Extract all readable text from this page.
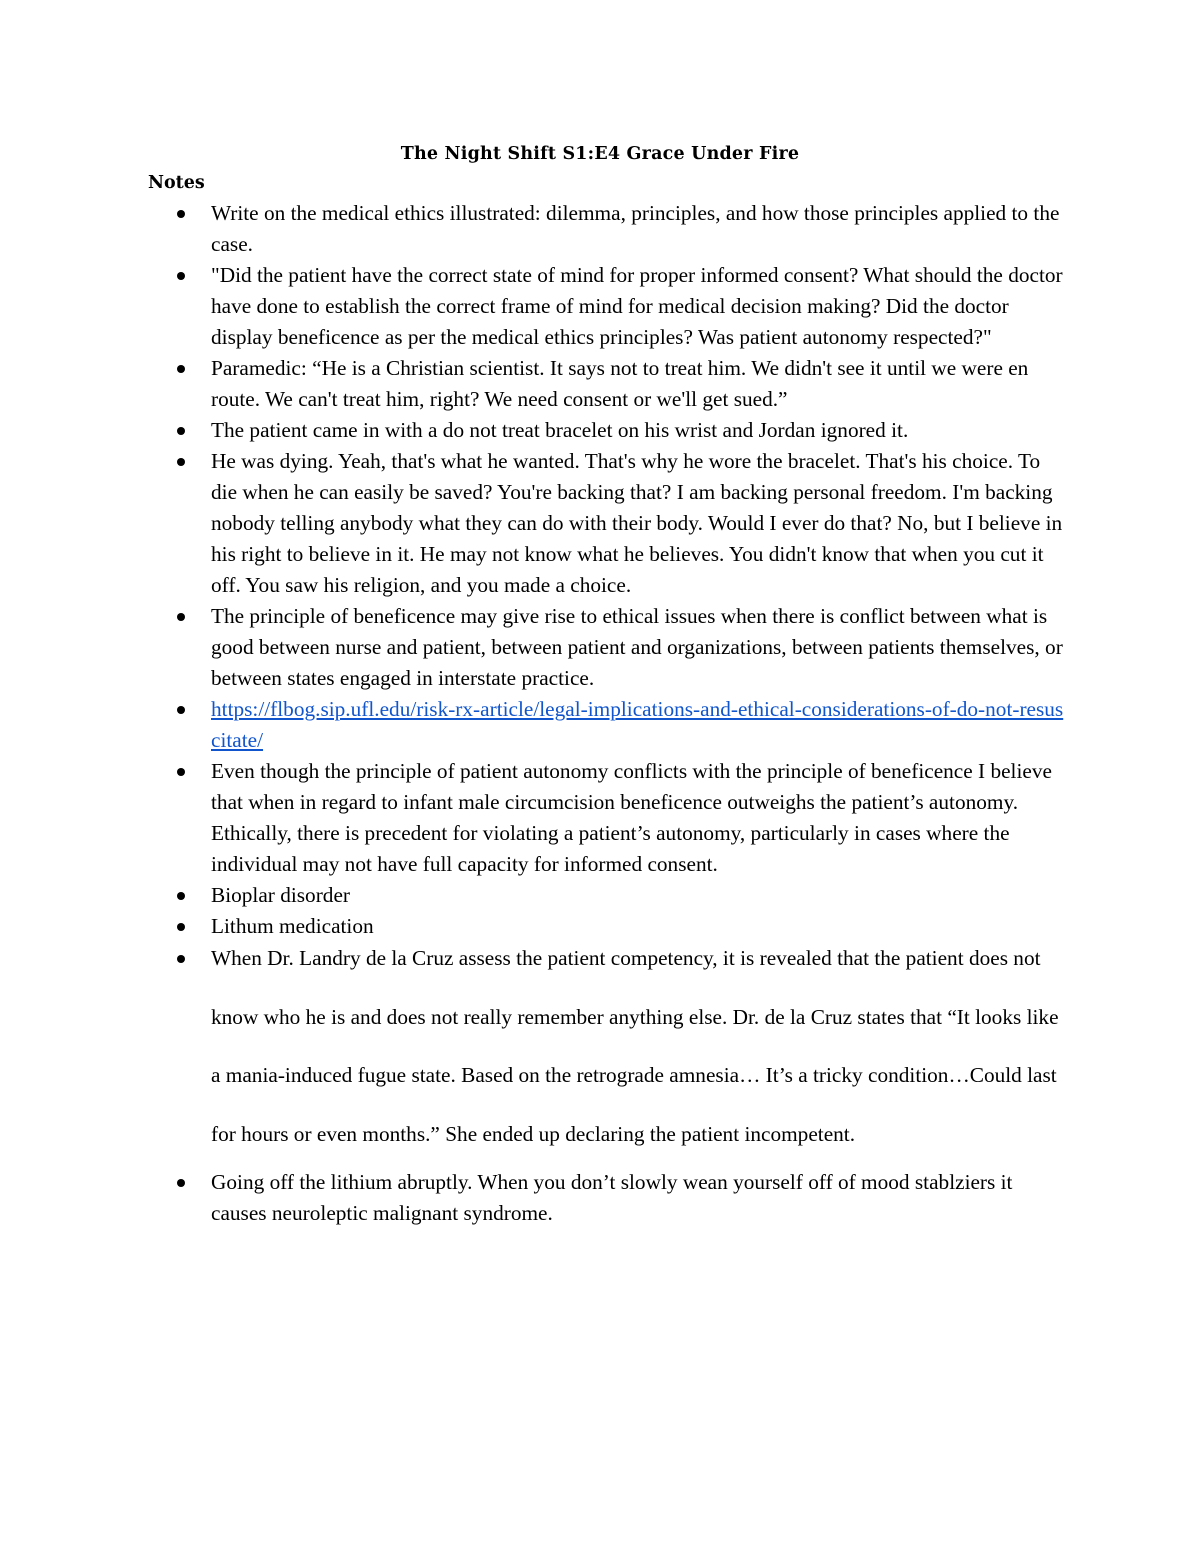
The Night Shift S1:E4 Grace Under Fire
Notes
Write on the medical ethics illustrated: dilemma, principles, and how those principles applied to the case.
"Did the patient have the correct state of mind for proper informed consent? What should the doctor have done to establish the correct frame of mind for medical decision making? Did the doctor display beneficence as per the medical ethics principles? Was patient autonomy respected?"
Paramedic: “He is a Christian scientist. It says not to treat him. We didn't see it until we were en route. We can't treat him, right? We need consent or we'll get sued.”
The patient came in with a do not treat bracelet on his wrist and Jordan ignored it.
He was dying. Yeah, that's what he wanted. That's why he wore the bracelet. That's his choice. To die when he can easily be saved? You're backing that? I am backing personal freedom. I'm backing nobody telling anybody what they can do with their body. Would I ever do that? No, but I believe in his right to believe in it. He may not know what he believes. You didn't know that when you cut it off. You saw his religion, and you made a choice.
The principle of beneficence may give rise to ethical issues when there is conflict between what is good between nurse and patient, between patient and organizations, between patients themselves, or between states engaged in interstate practice.
https://flbog.sip.ufl.edu/risk-rx-article/legal-implications-and-ethical-considerations-of-do-not-resuscitate/
Even though the principle of patient autonomy conflicts with the principle of beneficence I believe that when in regard to infant male circumcision beneficence outweighs the patient’s autonomy. Ethically, there is precedent for violating a patient’s autonomy, particularly in cases where the individual may not have full capacity for informed consent.
Bioplar disorder
Lithum medication
When Dr. Landry de la Cruz assess the patient competency, it is revealed that the patient does not know who he is and does not really remember anything else. Dr. de la Cruz states that “It looks like a mania-induced fugue state. Based on the retrograde amnesia… It’s a tricky condition…Could last for hours or even months.” She ended up declaring the patient incompetent.
Going off the lithium abruptly. When you don’t slowly wean yourself off of mood stablziers it causes neuroleptic malignant syndrome.
